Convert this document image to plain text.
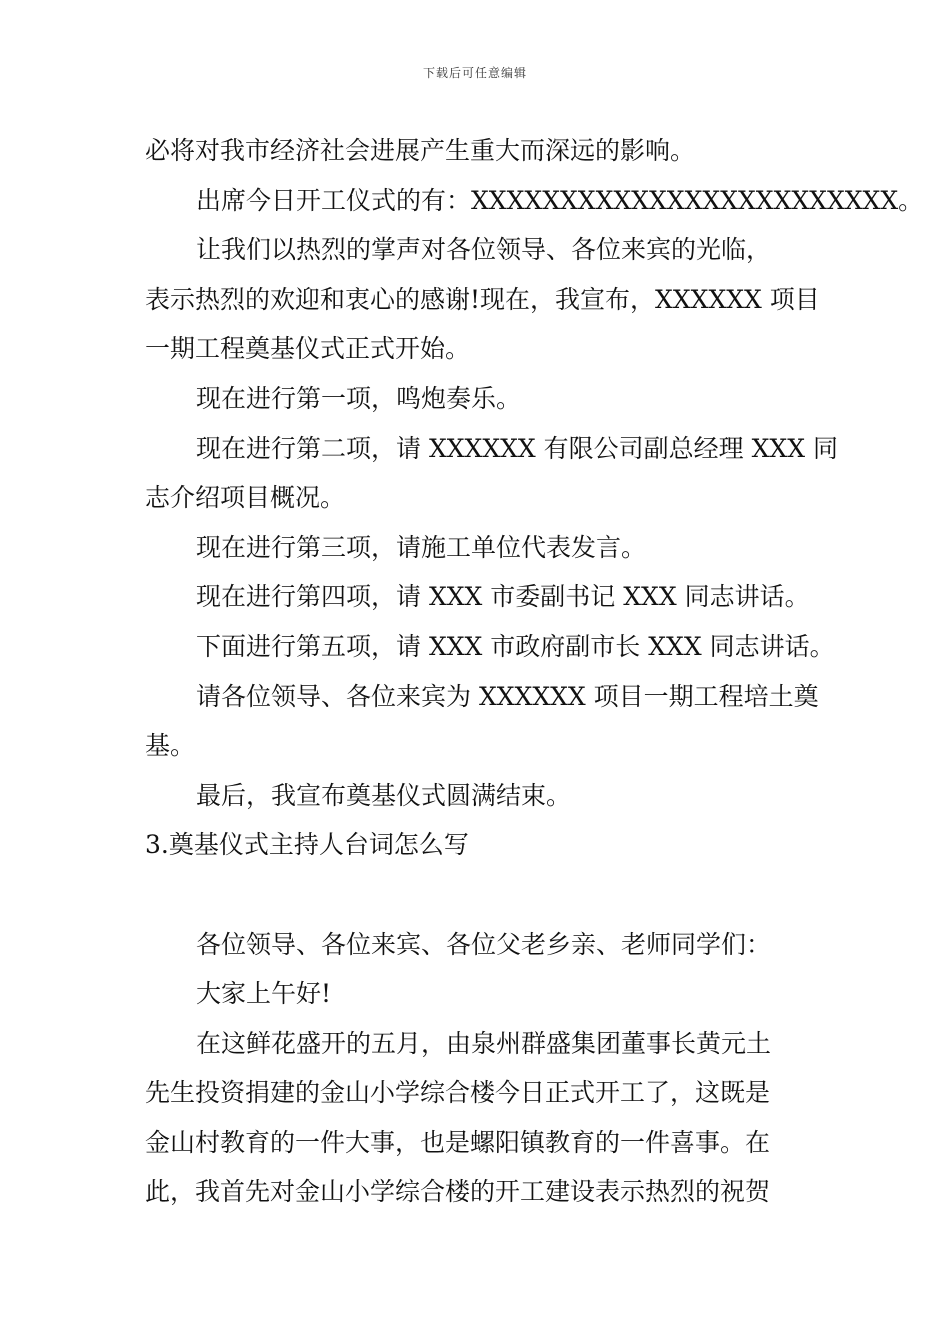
下载后可任意编辑
必将对我市经济社会进展产生重大而深远的影响。
出席今日开工仪式的有：XXXXXXXXXXXXXXXXXXXXXXXX。
让我们以热烈的掌声对各位领导、各位来宾的光临，
表示热烈的欢迎和衷心的感谢!现在，我宣布，XXXXXX 项目
一期工程奠基仪式正式开始。
现在进行第一项，鸣炮奏乐。
现在进行第二项，请 XXXXXX 有限公司副总经理 XXX 同
志介绍项目概况。
现在进行第三项，请施工单位代表发言。
现在进行第四项，请 XXX 市委副书记 XXX 同志讲话。
下面进行第五项，请 XXX 市政府副市长 XXX 同志讲话。
请各位领导、各位来宾为 XXXXXX 项目一期工程培土奠
基。
最后，我宣布奠基仪式圆满结束。
3.奠基仪式主持人台词怎么写
各位领导、各位来宾、各位父老乡亲、老师同学们：
大家上午好!
在这鲜花盛开的五月，由泉州群盛集团董事长黄元土
先生投资捐建的金山小学综合楼今日正式开工了，这既是
金山村教育的一件大事，也是螺阳镇教育的一件喜事。在
此，我首先对金山小学综合楼的开工建设表示热烈的祝贺
